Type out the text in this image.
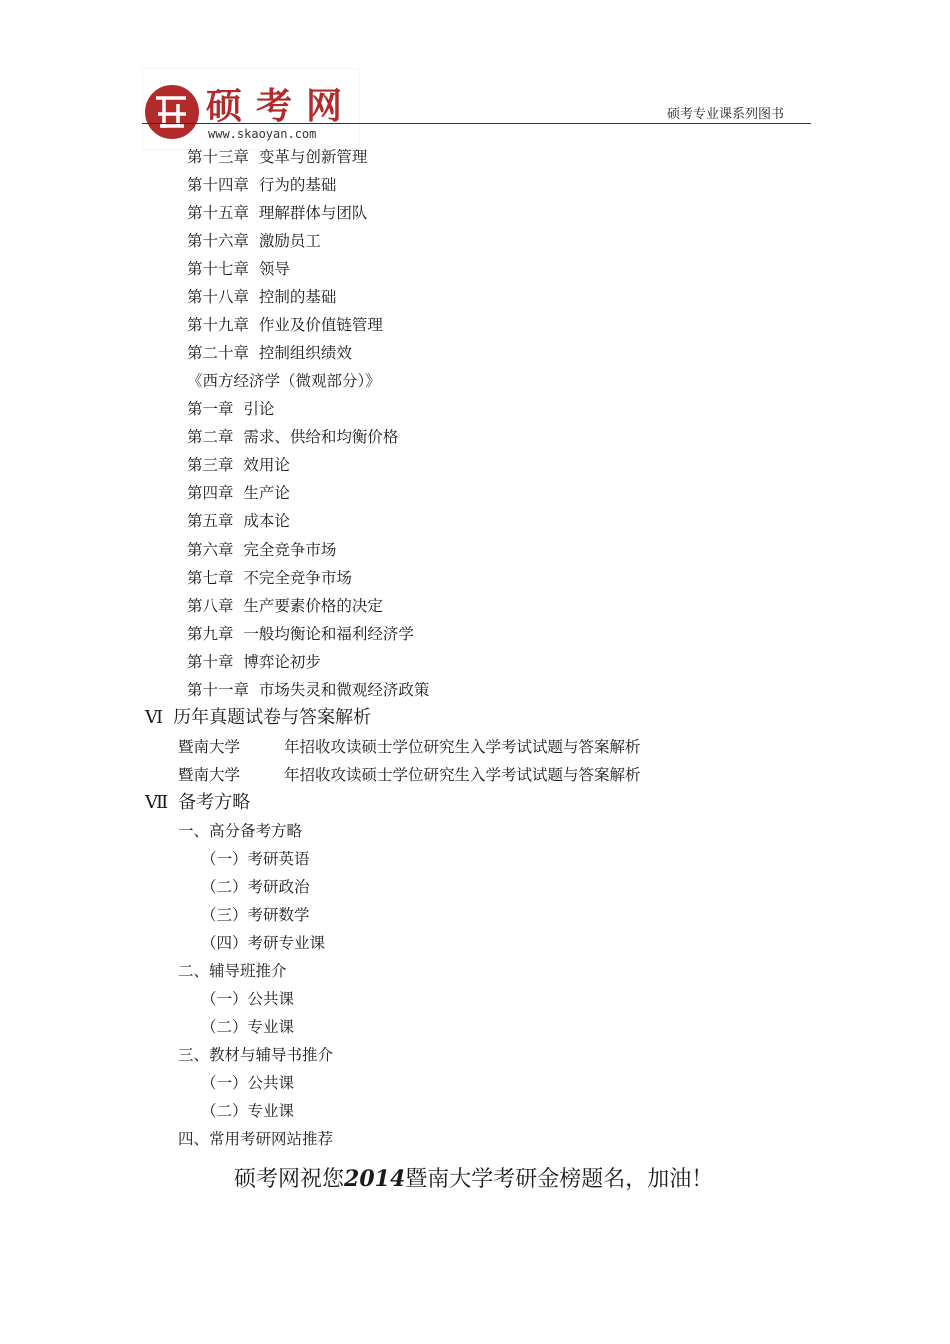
硕考网
www.skaoyan.com
硕考专业课系列图书
第十三章  变革与创新管理
第十四章  行为的基础
第十五章  理解群体与团队
第十六章  激励员工
第十七章  领导
第十八章  控制的基础
第十九章  作业及价值链管理
第二十章  控制组织绩效
《西方经济学（微观部分）》
第一章  引论
第二章  需求、供给和均衡价格
第三章  效用论
第四章  生产论
第五章  成本论
第六章  完全竞争市场
第七章  不完全竞争市场
第八章  生产要素价格的决定
第九章  一般均衡论和福利经济学
第十章  博弈论初步
第十一章  市场失灵和微观经济政策
Ⅵ 历年真题试卷与答案解析
暨南大学	年招收攻读硕士学位研究生入学考试试题与答案解析
暨南大学	年招收攻读硕士学位研究生入学考试试题与答案解析
Ⅶ 备考方略
一、高分备考方略
（一）考研英语
（二）考研政治
（三）考研数学
（四）考研专业课
二、辅导班推介
（一）公共课
（二）专业课
三、教材与辅导书推介
（一）公共课
（二）专业课
四、常用考研网站推荐
硕考网祝您2014暨南大学考研金榜题名，加油！
